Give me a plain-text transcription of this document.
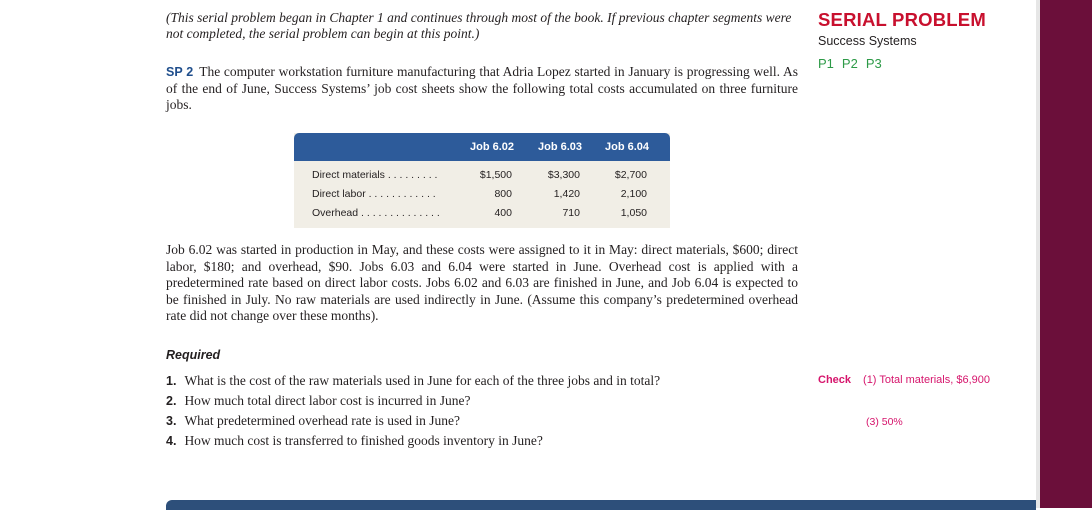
(This serial problem began in Chapter 1 and continues through most of the book. If previous chapter segments were not completed, the serial problem can begin at this point.)
SERIAL PROBLEM
Success Systems
P1 P2 P3
SP 2 The computer workstation furniture manufacturing that Adria Lopez started in January is progressing well. As of the end of June, Success Systems’ job cost sheets show the following total costs accumulated on three furniture jobs.
Job 6.02 Job 6.03 Job 6.04
Direct materials . . . . . . . . .	$1,500	$3,300	$2,700
Direct labor . . . . . . . . . . . .	800	1,420	2,100
Overhead . . . . . . . . . . . . . .	400	710	1,050
Job 6.02 was started in production in May, and these costs were assigned to it in May: direct materials, $600; direct labor, $180; and overhead, $90. Jobs 6.03 and 6.04 were started in June. Overhead cost is applied with a predetermined rate based on direct labor costs. Jobs 6.02 and 6.03 are finished in June, and Job 6.04 is expected to be finished in July. No raw materials are used indirectly in June. (Assume this company’s predetermined overhead rate did not change over these months).
Required
1. What is the cost of the raw materials used in June for each of the three jobs and in total?
2. How much total direct labor cost is incurred in June?
3. What predetermined overhead rate is used in June?
4. How much cost is transferred to finished goods inventory in June?
Check (1) Total materials, $6,900
(3) 50%
